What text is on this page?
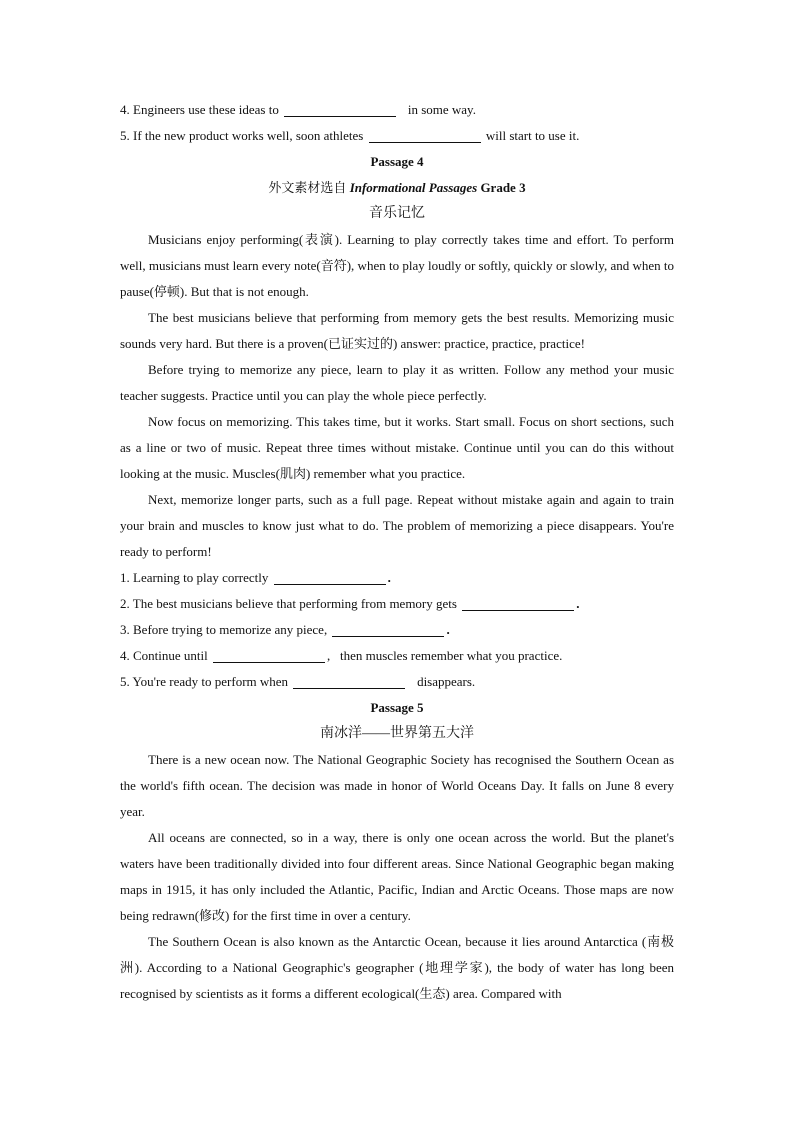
4. Engineers use these ideas to	in some way.
5. If the new product works well, soon athletes	will start to use it.
Passage 4
外文素材选自 Informational Passages Grade 3
音乐记忆

Musicians enjoy performing(表演). Learning to play correctly takes time and effort. To perform well, musicians must learn every note(音符), when to play loudly or softly, quickly or slowly, and when to pause(停顿). But that is not enough.

The best musicians believe that performing from memory gets the best results. Memorizing music sounds very hard. But there is a proven(已证实过的) answer: practice, practice, practice!

Before trying to memorize any piece, learn to play it as written. Follow any method your music teacher suggests. Practice until you can play the whole piece perfectly.

Now focus on memorizing. This takes time, but it works. Start small. Focus on short sections, such as a line or two of music. Repeat three times without mistake. Continue until you can do this without looking at the music. Muscles(肌肉) remember what you practice.

Next, memorize longer parts, such as a full page. Repeat without mistake again and again to train your brain and muscles to know just what to do. The problem of memorizing a piece disappears. You're ready to perform!

1. Learning to play correctly	.
2. The best musicians believe that performing from memory gets	.
3. Before trying to memorize any piece,	.
4. Continue until	,   then muscles remember what you practice.
5. You're ready to perform when	disappears.
Passage 5
南冰洋——世界第五大洋

There is a new ocean now. The National Geographic Society has recognised the Southern Ocean as the world's fifth ocean. The decision was made in honor of World Oceans Day. It falls on June 8 every year.

All oceans are connected, so in a way, there is only one ocean across the world. But the planet's waters have been traditionally divided into four different areas. Since National Geographic began making maps in 1915, it has only included the Atlantic, Pacific, Indian and Arctic Oceans. Those maps are now being redrawn(修改) for the first time in over a century.

The Southern Ocean is also known as the Antarctic Ocean, because it lies around Antarctica (南极洲). According to a National Geographic's geographer (地理学家), the body of water has long been recognised by scientists as it forms a different ecological(生态) area. Compared with
